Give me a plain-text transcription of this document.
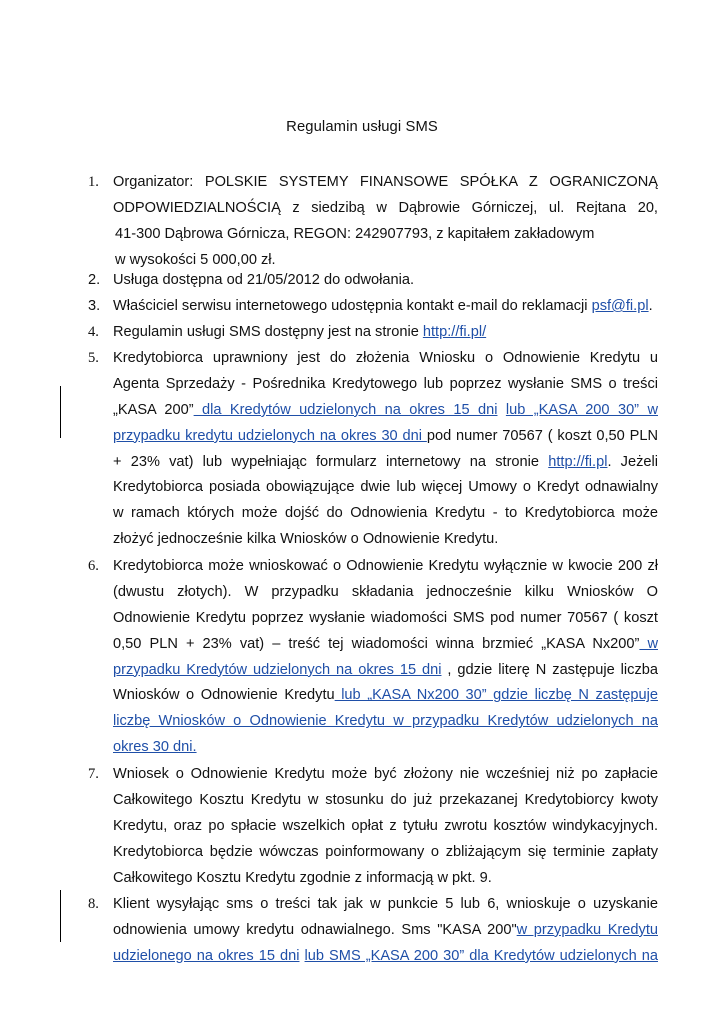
Regulamin usługi SMS
1. Organizator: POLSKIE SYSTEMY FINANSOWE SPÓŁKA Z OGRANICZONĄ
ODPOWIEDZIALNOŚCIĄ z siedzibą w Dąbrowie Górniczej, ul. Rejtana 20,
41-300 Dąbrowa Górnicza, REGON: 242907793, z kapitałem zakładowym
w wysokości 5 000,00 zł.
2. Usługa dostępna od 21/05/2012 do odwołania.
3. Właściciel serwisu internetowego udostępnia kontakt e-mail do reklamacji psf@fi.pl.
4. Regulamin usługi SMS dostępny jest na stronie http://fi.pl/
5. Kredytobiorca uprawniony jest do złożenia Wniosku o Odnowienie Kredytu u
Agenta Sprzedaży - Pośrednika Kredytowego lub poprzez wysłanie SMS o treści
„KASA 200” dla Kredytów udzielonych na okres 15 dni lub „KASA 200 30” w
przypadku kredytu udzielonych na okres 30 dni pod numer 70567 ( koszt 0,50 PLN
+ 23% vat) lub wypełniając formularz internetowy na stronie http://fi.pl. Jeżeli
Kredytobiorca posiada obowiązujące dwie lub więcej Umowy o Kredyt odnawialny
w ramach których może dojść do Odnowienia Kredytu - to Kredytobiorca może
złożyć jednocześnie kilka Wniosków o Odnowienie Kredytu.
6. Kredytobiorca może wnioskować o Odnowienie Kredytu wyłącznie w kwocie 200 zł
(dwustu złotych). W przypadku składania jednocześnie kilku Wniosków O
Odnowienie Kredytu poprzez wysłanie wiadomości SMS pod numer 70567 ( koszt
0,50 PLN + 23% vat) – treść tej wiadomości winna brzmieć „KASA Nx200” w
przypadku Kredytów udzielonych na okres 15 dni , gdzie literę N zastępuje liczba
Wniosków o Odnowienie Kredytu lub „KASA Nx200 30” gdzie liczbę N zastępuje
liczbę Wniosków o Odnowienie Kredytu w przypadku Kredytów udzielonych na
okres 30 dni.
7. Wniosek o Odnowienie Kredytu może być złożony nie wcześniej niż po zapłacie
Całkowitego Kosztu Kredytu w stosunku do już przekazanej Kredytobiorcy kwoty
Kredytu, oraz po spłacie wszelkich opłat z tytułu zwrotu kosztów windykacyjnych.
Kredytobiorca będzie wówczas poinformowany o zbliżającym się terminie zapłaty
Całkowitego Kosztu Kredytu zgodnie z informacją w pkt. 9.
8. Klient wysyłając sms o treści tak jak w punkcie 5 lub 6, wnioskuje o uzyskanie
odnowienia umowy kredytu odnawialnego. Sms "KASA 200"w przypadku Kredytu
udzielonego na okres 15 dni lub SMS „KASA 200 30” dla Kredytów udzielonych na
